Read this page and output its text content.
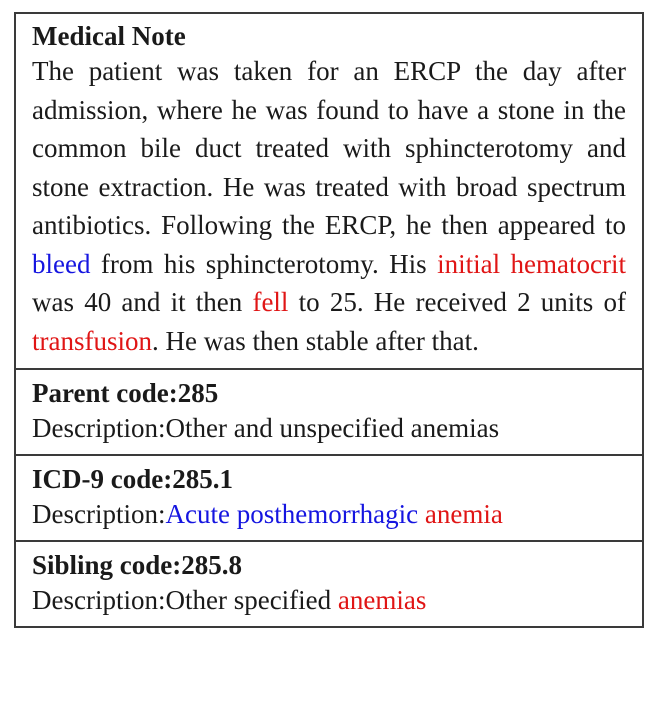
Medical Note
The patient was taken for an ERCP the day after admission, where he was found to have a stone in the common bile duct treated with sphincterotomy and stone extraction. He was treated with broad spectrum antibiotics. Following the ERCP, he then appeared to bleed from his sphincterotomy. His initial hematocrit was 40 and it then fell to 25. He received 2 units of transfusion. He was then stable after that.
Parent code:285
Description:Other and unspecified anemias
ICD-9 code:285.1
Description:Acute posthemorrhagic anemia
Sibling code:285.8
Description:Other specified anemias
